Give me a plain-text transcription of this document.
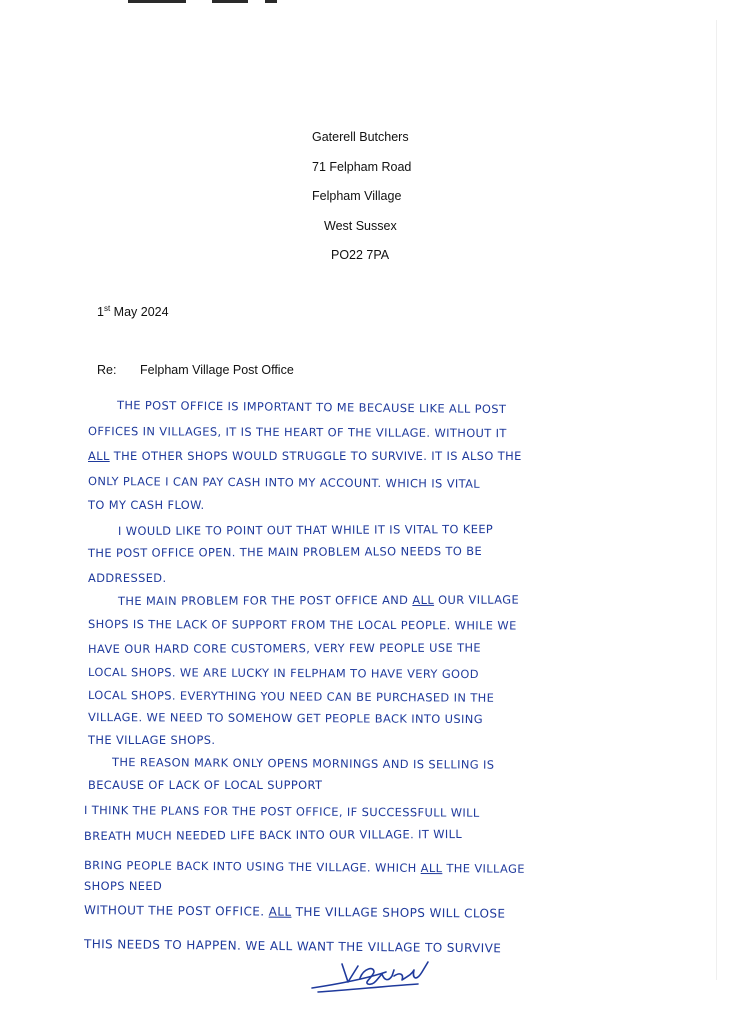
Gaterell Butchers
71 Felpham Road
Felpham Village
West Sussex
PO22 7PA
1st May 2024
Re: Felpham Village Post Office
THE POST OFFICE IS IMPORTANT TO ME BECAUSE LIKE ALL POST
OFFICES IN VILLAGES, IT IS THE HEART OF THE VILLAGE. WITHOUT IT
ALL THE OTHER SHOPS WOULD STRUGGLE TO SURVIVE. IT IS ALSO THE
ONLY PLACE I CAN PAY CASH INTO MY ACCOUNT. WHICH IS VITAL
TO MY CASH FLOW.
I WOULD LIKE TO POINT OUT THAT WHILE IT IS VITAL TO KEEP
THE POST OFFICE OPEN. THE MAIN PROBLEM ALSO NEEDS TO BE
ADDRESSED.
THE MAIN PROBLEM FOR THE POST OFFICE AND ALL OUR VILLAGE
SHOPS IS THE LACK OF SUPPORT FROM THE LOCAL PEOPLE. WHILE WE
HAVE OUR HARD CORE CUSTOMERS, VERY FEW PEOPLE USE THE
LOCAL SHOPS. WE ARE LUCKY IN FELPHAM TO HAVE VERY GOOD
LOCAL SHOPS. EVERYTHING YOU NEED CAN BE PURCHASED IN THE
VILLAGE. WE NEED TO SOMEHOW GET PEOPLE BACK INTO USING
THE VILLAGE SHOPS.
THE REASON MARK ONLY OPENS MORNINGS AND IS SELLING IS
BECAUSE OF LACK OF LOCAL SUPPORT
I THINK THE PLANS FOR THE POST OFFICE, IF SUCCESSFULL WILL
BREATH MUCH NEEDED LIFE BACK INTO OUR VILLAGE. IT WILL
BRING PEOPLE BACK INTO USING THE VILLAGE. WHICH ALL THE VILLAGE
SHOPS NEED
WITHOUT THE POST OFFICE. ALL THE VILLAGE SHOPS WILL CLOSE
THIS NEEDS TO HAPPEN. WE ALL WANT THE VILLAGE TO SURVIVE
